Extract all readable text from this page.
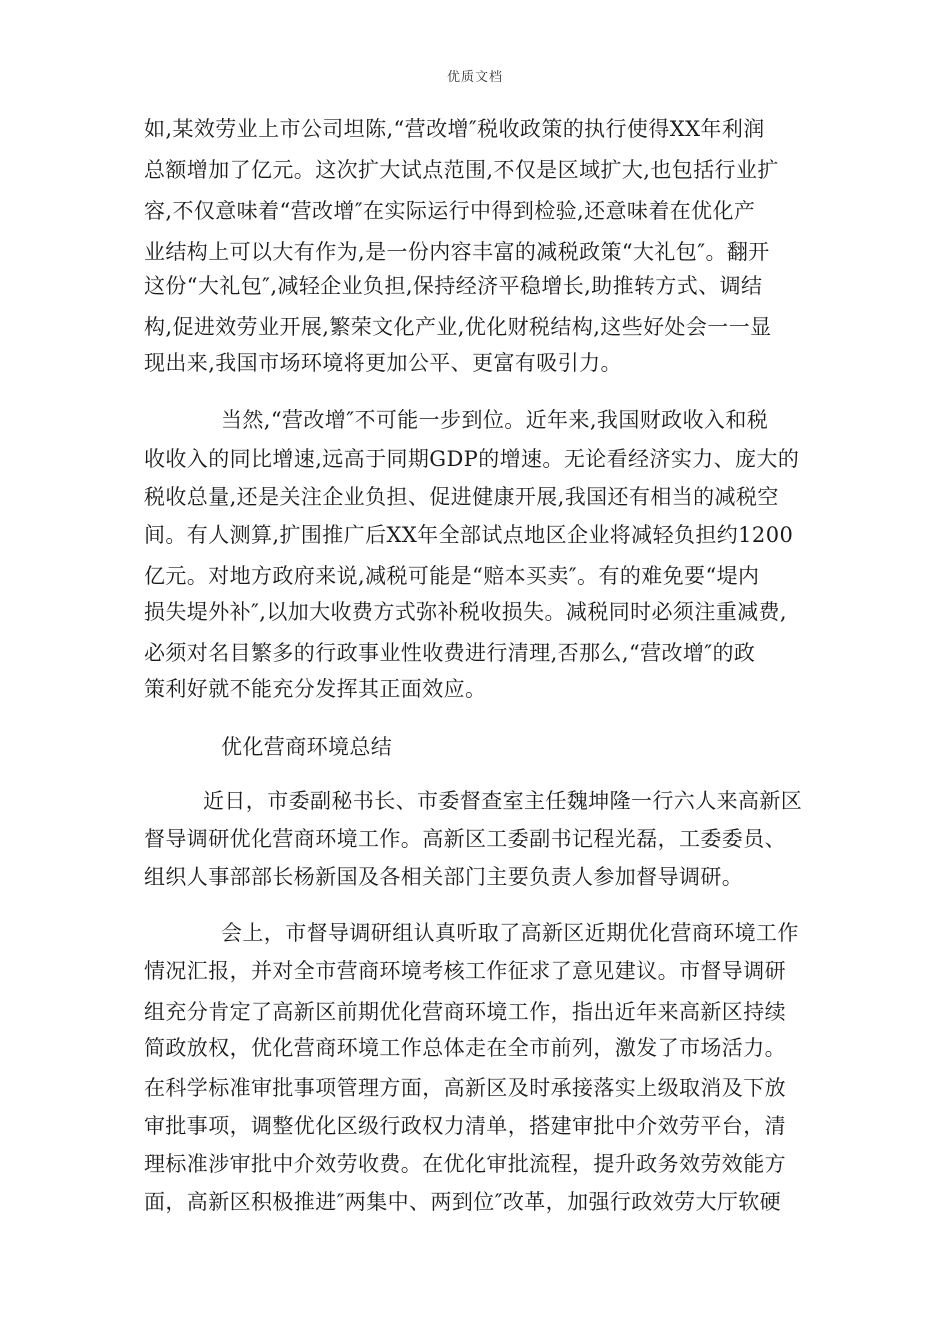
优质文档
如,某效劳业上市公司坦陈,“营改增″税收政策的执行使得XX年利润
总额增加了亿元。这次扩大试点范围,不仅是区域扩大,也包括行业扩
容,不仅意味着“营改增″在实际运行中得到检验,还意味着在优化产
业结构上可以大有作为,是一份内容丰富的减税政策“大礼包″。翻开
这份“大礼包″,减轻企业负担,保持经济平稳增长,助推转方式、调结
构,促进效劳业开展,繁荣文化产业,优化财税结构,这些好处会一一显
现出来,我国市场环境将更加公平、更富有吸引力。
当然,“营改增″不可能一步到位。近年来,我国财政收入和税
收收入的同比增速,远高于同期GDP的增速。无论看经济实力、庞大的
税收总量,还是关注企业负担、促进健康开展,我国还有相当的减税空
间。有人测算,扩围推广后XX年全部试点地区企业将减轻负担约1200
亿元。对地方政府来说,减税可能是“赔本买卖″。有的难免要“堤内
损失堤外补″,以加大收费方式弥补税收损失。减税同时必须注重减费,
必须对名目繁多的行政事业性收费进行清理,否那么,“营改增″的政
策利好就不能充分发挥其正面效应。
优化营商环境总结
近日，市委副秘书长、市委督查室主任魏坤隆一行六人来高新区
督导调研优化营商环境工作。高新区工委副书记程光磊，工委委员、
组织人事部部长杨新国及各相关部门主要负责人参加督导调研。
会上，市督导调研组认真听取了高新区近期优化营商环境工作
情况汇报，并对全市营商环境考核工作征求了意见建议。市督导调研
组充分肯定了高新区前期优化营商环境工作，指出近年来高新区持续
简政放权，优化营商环境工作总体走在全市前列，激发了市场活力。
在科学标准审批事项管理方面，高新区及时承接落实上级取消及下放
审批事项，调整优化区级行政权力清单，搭建审批中介效劳平台，清
理标准涉审批中介效劳收费。在优化审批流程，提升政务效劳效能方
面，高新区积极推进″两集中、两到位″改革，加强行政效劳大厅软硬
